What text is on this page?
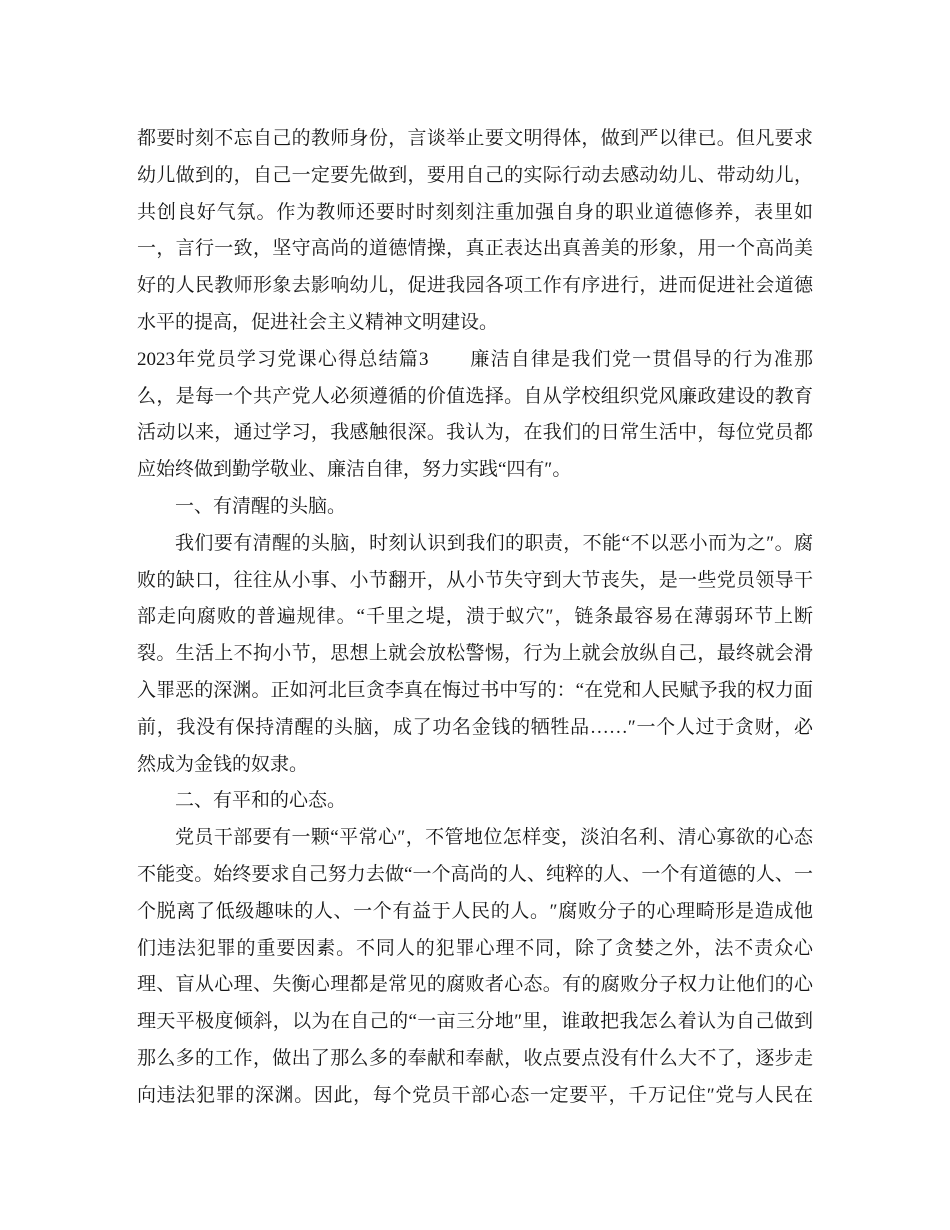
都要时刻不忘自己的教师身份，言谈举止要文明得体，做到严以律已。但凡要求
幼儿做到的，自己一定要先做到，要用自己的实际行动去感动幼儿、带动幼儿，
共创良好气氛。作为教师还要时时刻刻注重加强自身的职业道德修养，表里如
一，言行一致，坚守高尚的道德情操，真正表达出真善美的形象，用一个高尚美
好的人民教师形象去影响幼儿，促进我园各项工作有序进行，进而促进社会道德
水平的提高，促进社会主义精神文明建设。
2023年党员学习党课心得总结篇3　　廉洁自律是我们党一贯倡导的行为准那
么，是每一个共产党人必须遵循的价值选择。自从学校组织党风廉政建设的教育
活动以来，通过学习，我感触很深。我认为，在我们的日常生活中，每位党员都
应始终做到勤学敬业、廉洁自律，努力实践“四有″。
一、有清醒的头脑。
我们要有清醒的头脑，时刻认识到我们的职责，不能“不以恶小而为之″。腐
败的缺口，往往从小事、小节翻开，从小节失守到大节丧失，是一些党员领导干
部走向腐败的普遍规律。“千里之堤，溃于蚁穴″，链条最容易在薄弱环节上断
裂。生活上不拘小节，思想上就会放松警惕，行为上就会放纵自己，最终就会滑
入罪恶的深渊。正如河北巨贪李真在悔过书中写的：“在党和人民赋予我的权力面
前，我没有保持清醒的头脑，成了功名金钱的牺牲品……″一个人过于贪财，必
然成为金钱的奴隶。
二、有平和的心态。
党员干部要有一颗“平常心″，不管地位怎样变，淡泊名利、清心寡欲的心态
不能变。始终要求自己努力去做“一个高尚的人、纯粹的人、一个有道德的人、一
个脱离了低级趣味的人、一个有益于人民的人。″腐败分子的心理畸形是造成他
们违法犯罪的重要因素。不同人的犯罪心理不同，除了贪婪之外，法不责众心
理、盲从心理、失衡心理都是常见的腐败者心态。有的腐败分子权力让他们的心
理天平极度倾斜，以为在自己的“一亩三分地″里，谁敢把我怎么着认为自己做到
那么多的工作，做出了那么多的奉献和奉献，收点要点没有什么大不了，逐步走
向违法犯罪的深渊。因此，每个党员干部心态一定要平，千万记住″党与人民在
